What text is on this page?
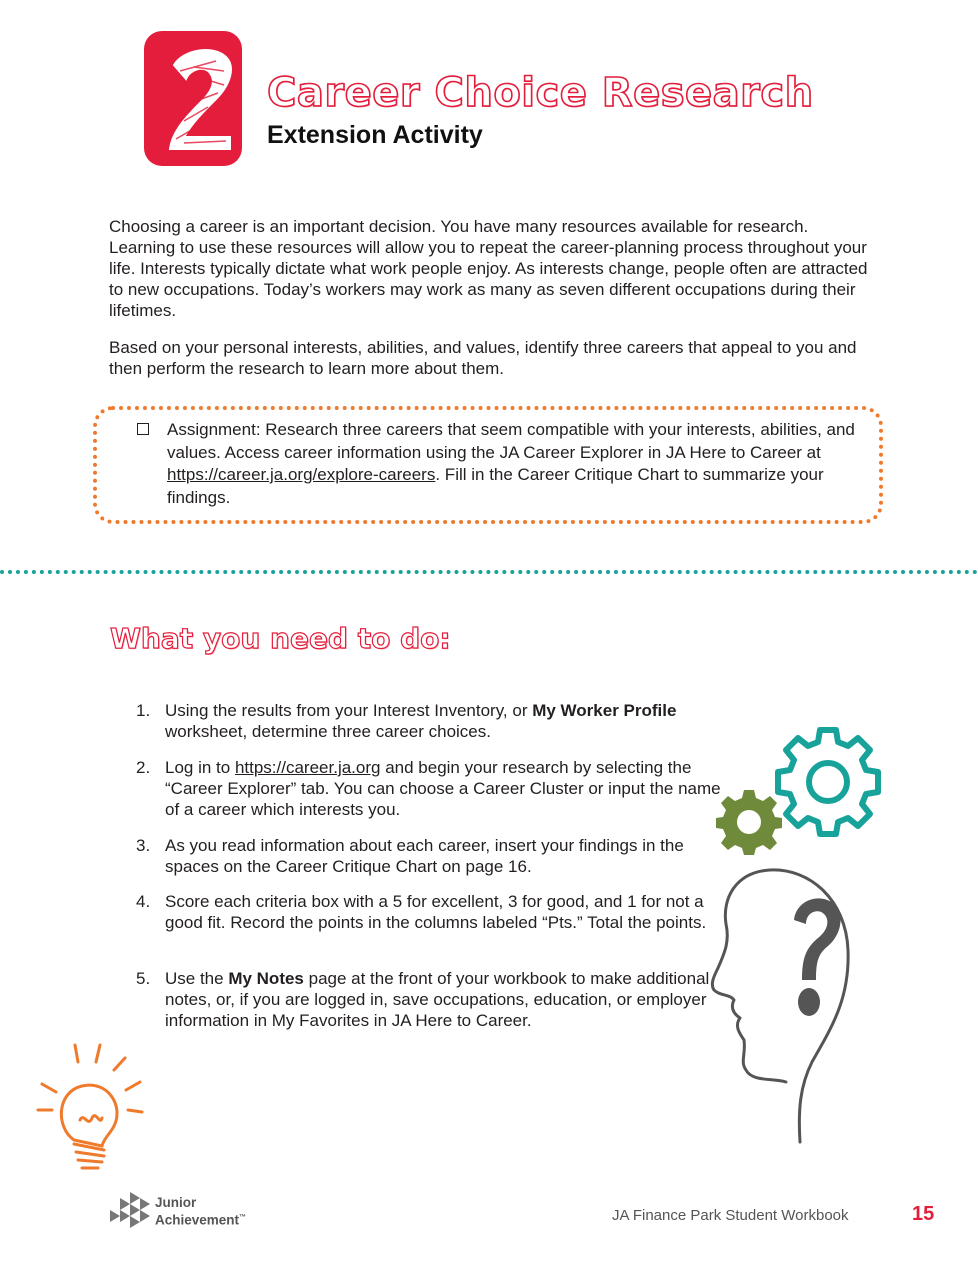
Career Choice Research
Extension Activity

Choosing a career is an important decision. You have many resources available for research. Learning to use these resources will allow you to repeat the career-planning process throughout your life. Interests typically dictate what work people enjoy. As interests change, people often are attracted to new occupations. Today’s workers may work as many as seven different occupations during their lifetimes.

Based on your personal interests, abilities, and values, identify three careers that appeal to you and then perform the research to learn more about them.

Assignment: Research three careers that seem compatible with your interests, abilities, and values. Access career information using the JA Career Explorer in JA Here to Career at https://career.ja.org/explore-careers. Fill in the Career Critique Chart to summarize your findings.

What you need to do:
1. Using the results from your Interest Inventory, or My Worker Profile worksheet, determine three career choices.
2. Log in to https://career.ja.org and begin your research by selecting the “Career Explorer” tab. You can choose a Career Cluster or input the name of a career which interests you.
3. As you read information about each career, insert your findings in the spaces on the Career Critique Chart on page 16.
4. Score each criteria box with a 5 for excellent, 3 for good, and 1 for not a good fit. Record the points in the columns labeled “Pts.” Total the points.
5. Use the My Notes page at the front of your workbook to make additional notes, or, if you are logged in, save occupations, education, or employer information in My Favorites in JA Here to Career.

Junior
Achievement™	JA Finance Park Student Workbook	15
